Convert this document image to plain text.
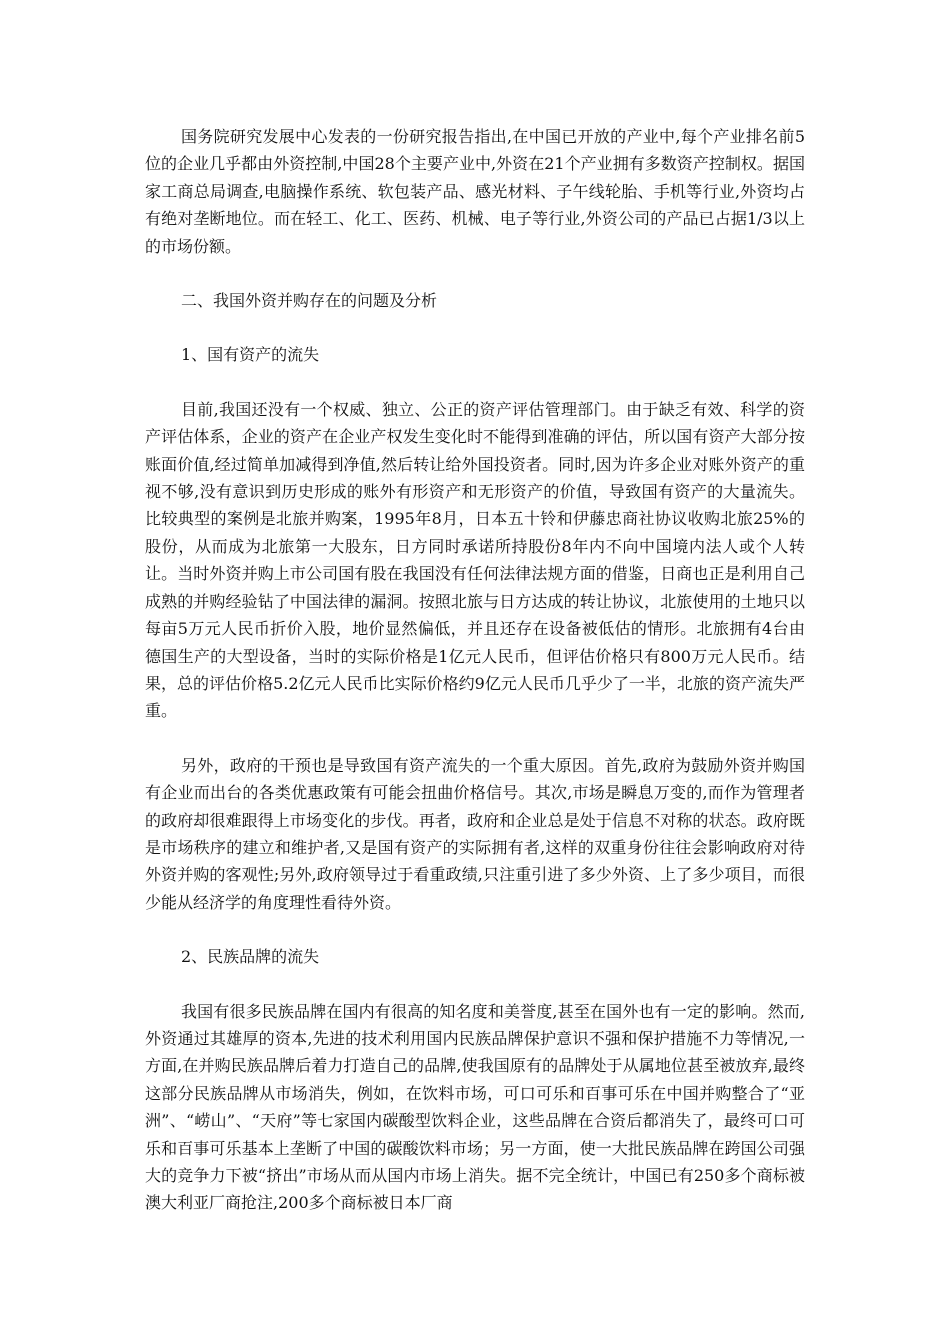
国务院研究发展中心发表的一份研究报告指出,在中国已开放的产业中,每个产业排名前5位的企业几乎都由外资控制,中国28个主要产业中,外资在21个产业拥有多数资产控制权。据国家工商总局调查,电脑操作系统、软包装产品、感光材料、子午线轮胎、手机等行业,外资均占有绝对垄断地位。而在轻工、化工、医药、机械、电子等行业,外资公司的产品已占据1/3以上的市场份额。

二、我国外资并购存在的问题及分析

1、国有资产的流失

目前,我国还没有一个权威、独立、公正的资产评估管理部门。由于缺乏有效、科学的资产评估体系，企业的资产在企业产权发生变化时不能得到准确的评估，所以国有资产大部分按账面价值,经过简单加减得到净值,然后转让给外国投资者。同时,因为许多企业对账外资产的重视不够,没有意识到历史形成的账外有形资产和无形资产的价值，导致国有资产的大量流失。比较典型的案例是北旅并购案，1995年8月，日本五十铃和伊藤忠商社协议收购北旅25%的股份，从而成为北旅第一大股东，日方同时承诺所持股份8年内不向中国境内法人或个人转让。当时外资并购上市公司国有股在我国没有任何法律法规方面的借鉴，日商也正是利用自己成熟的并购经验钻了中国法律的漏洞。按照北旅与日方达成的转让协议，北旅使用的土地只以每亩5万元人民币折价入股，地价显然偏低，并且还存在设备被低估的情形。北旅拥有4台由德国生产的大型设备，当时的实际价格是1亿元人民币，但评估价格只有800万元人民币。结果，总的评估价格5.2亿元人民币比实际价格约9亿元人民币几乎少了一半，北旅的资产流失严重。

另外，政府的干预也是导致国有资产流失的一个重大原因。首先,政府为鼓励外资并购国有企业而出台的各类优惠政策有可能会扭曲价格信号。其次,市场是瞬息万变的,而作为管理者的政府却很难跟得上市场变化的步伐。再者，政府和企业总是处于信息不对称的状态。政府既是市场秩序的建立和维护者,又是国有资产的实际拥有者,这样的双重身份往往会影响政府对待外资并购的客观性;另外,政府领导过于看重政绩,只注重引进了多少外资、上了多少项目，而很少能从经济学的角度理性看待外资。

2、民族品牌的流失

我国有很多民族品牌在国内有很高的知名度和美誉度,甚至在国外也有一定的影响。然而,外资通过其雄厚的资本,先进的技术利用国内民族品牌保护意识不强和保护措施不力等情况,一方面,在并购民族品牌后着力打造自己的品牌,使我国原有的品牌处于从属地位甚至被放弃,最终这部分民族品牌从市场消失，例如，在饮料市场，可口可乐和百事可乐在中国并购整合了“亚洲”、“崂山”、“天府”等七家国内碳酸型饮料企业，这些品牌在合资后都消失了，最终可口可乐和百事可乐基本上垄断了中国的碳酸饮料市场；另一方面，使一大批民族品牌在跨国公司强大的竞争力下被“挤出”市场从而从国内市场上消失。据不完全统计，中国已有250多个商标被澳大利亚厂商抢注,200多个商标被日本厂商
